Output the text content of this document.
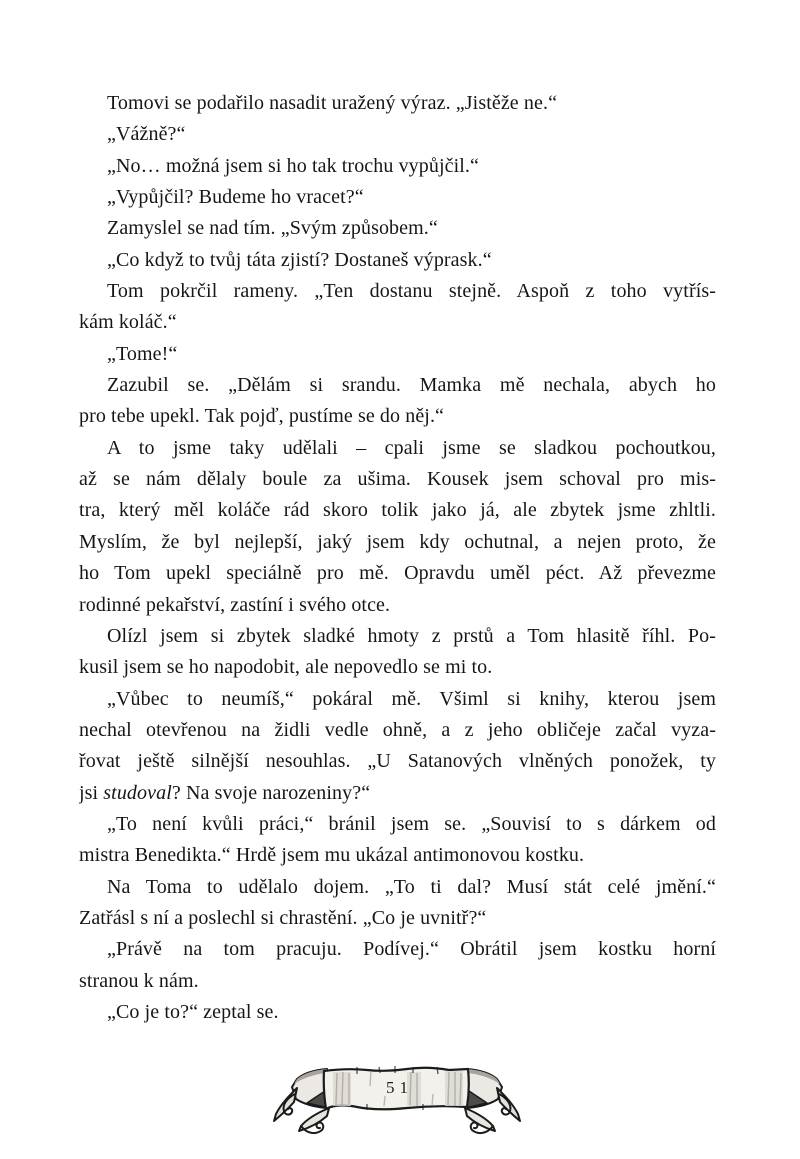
Tomovi se podařilo nasadit uražený výraz. „Jistěže ne.“
„Vážně?“
„No… možná jsem si ho tak trochu vypůjčil.“
„Vypůjčil? Budeme ho vracet?“
Zamyslel se nad tím. „Svým způsobem.“
„Co když to tvůj táta zjistí? Dostaneš výprask.“
Tom pokrčil rameny. „Ten dostanu stejně. Aspoň z toho vytřís-
kám koláč.“
„Tome!“
Zazubil se. „Dělám si srandu. Mamka mě nechala, abych ho
pro tebe upekl. Tak pojď, pustíme se do něj.“
A to jsme taky udělali – cpali jsme se sladkou pochoutkou,
až se nám dělaly boule za ušima. Kousek jsem schoval pro mis-
tra, který měl koláče rád skoro tolik jako já, ale zbytek jsme zhltli.
Myslím, že byl nejlepší, jaký jsem kdy ochutnal, a nejen proto, že
ho Tom upekl speciálně pro mě. Opravdu uměl péct. Až převezme
rodinné pekařství, zastíní i svého otce.
Olízl jsem si zbytek sladké hmoty z prstů a Tom hlasitě říhl. Po-
kusil jsem se ho napodobit, ale nepovedlo se mi to.
„Vůbec to neumíš,“ pokáral mě. Všiml si knihy, kterou jsem
nechal otevřenou na židli vedle ohně, a z jeho obličeje začal vyza-
řovat ještě silnější nesouhlas. „U Satanových vlněných ponožek, ty
jsi studoval? Na svoje narozeniny?“
„To není kvůli práci,“ bránil jsem se. „Souvisí to s dárkem od
mistra Benedikta.“ Hrdě jsem mu ukázal antimonovou kostku.
Na Toma to udělalo dojem. „To ti dal? Musí stát celé jmění.“
Zatřásl s ní a poslechl si chrastění. „Co je uvnitř?“
„Právě na tom pracuju. Podívej.“ Obrátil jsem kostku horní
stranou k nám.
„Co je to?“ zeptal se.
51
